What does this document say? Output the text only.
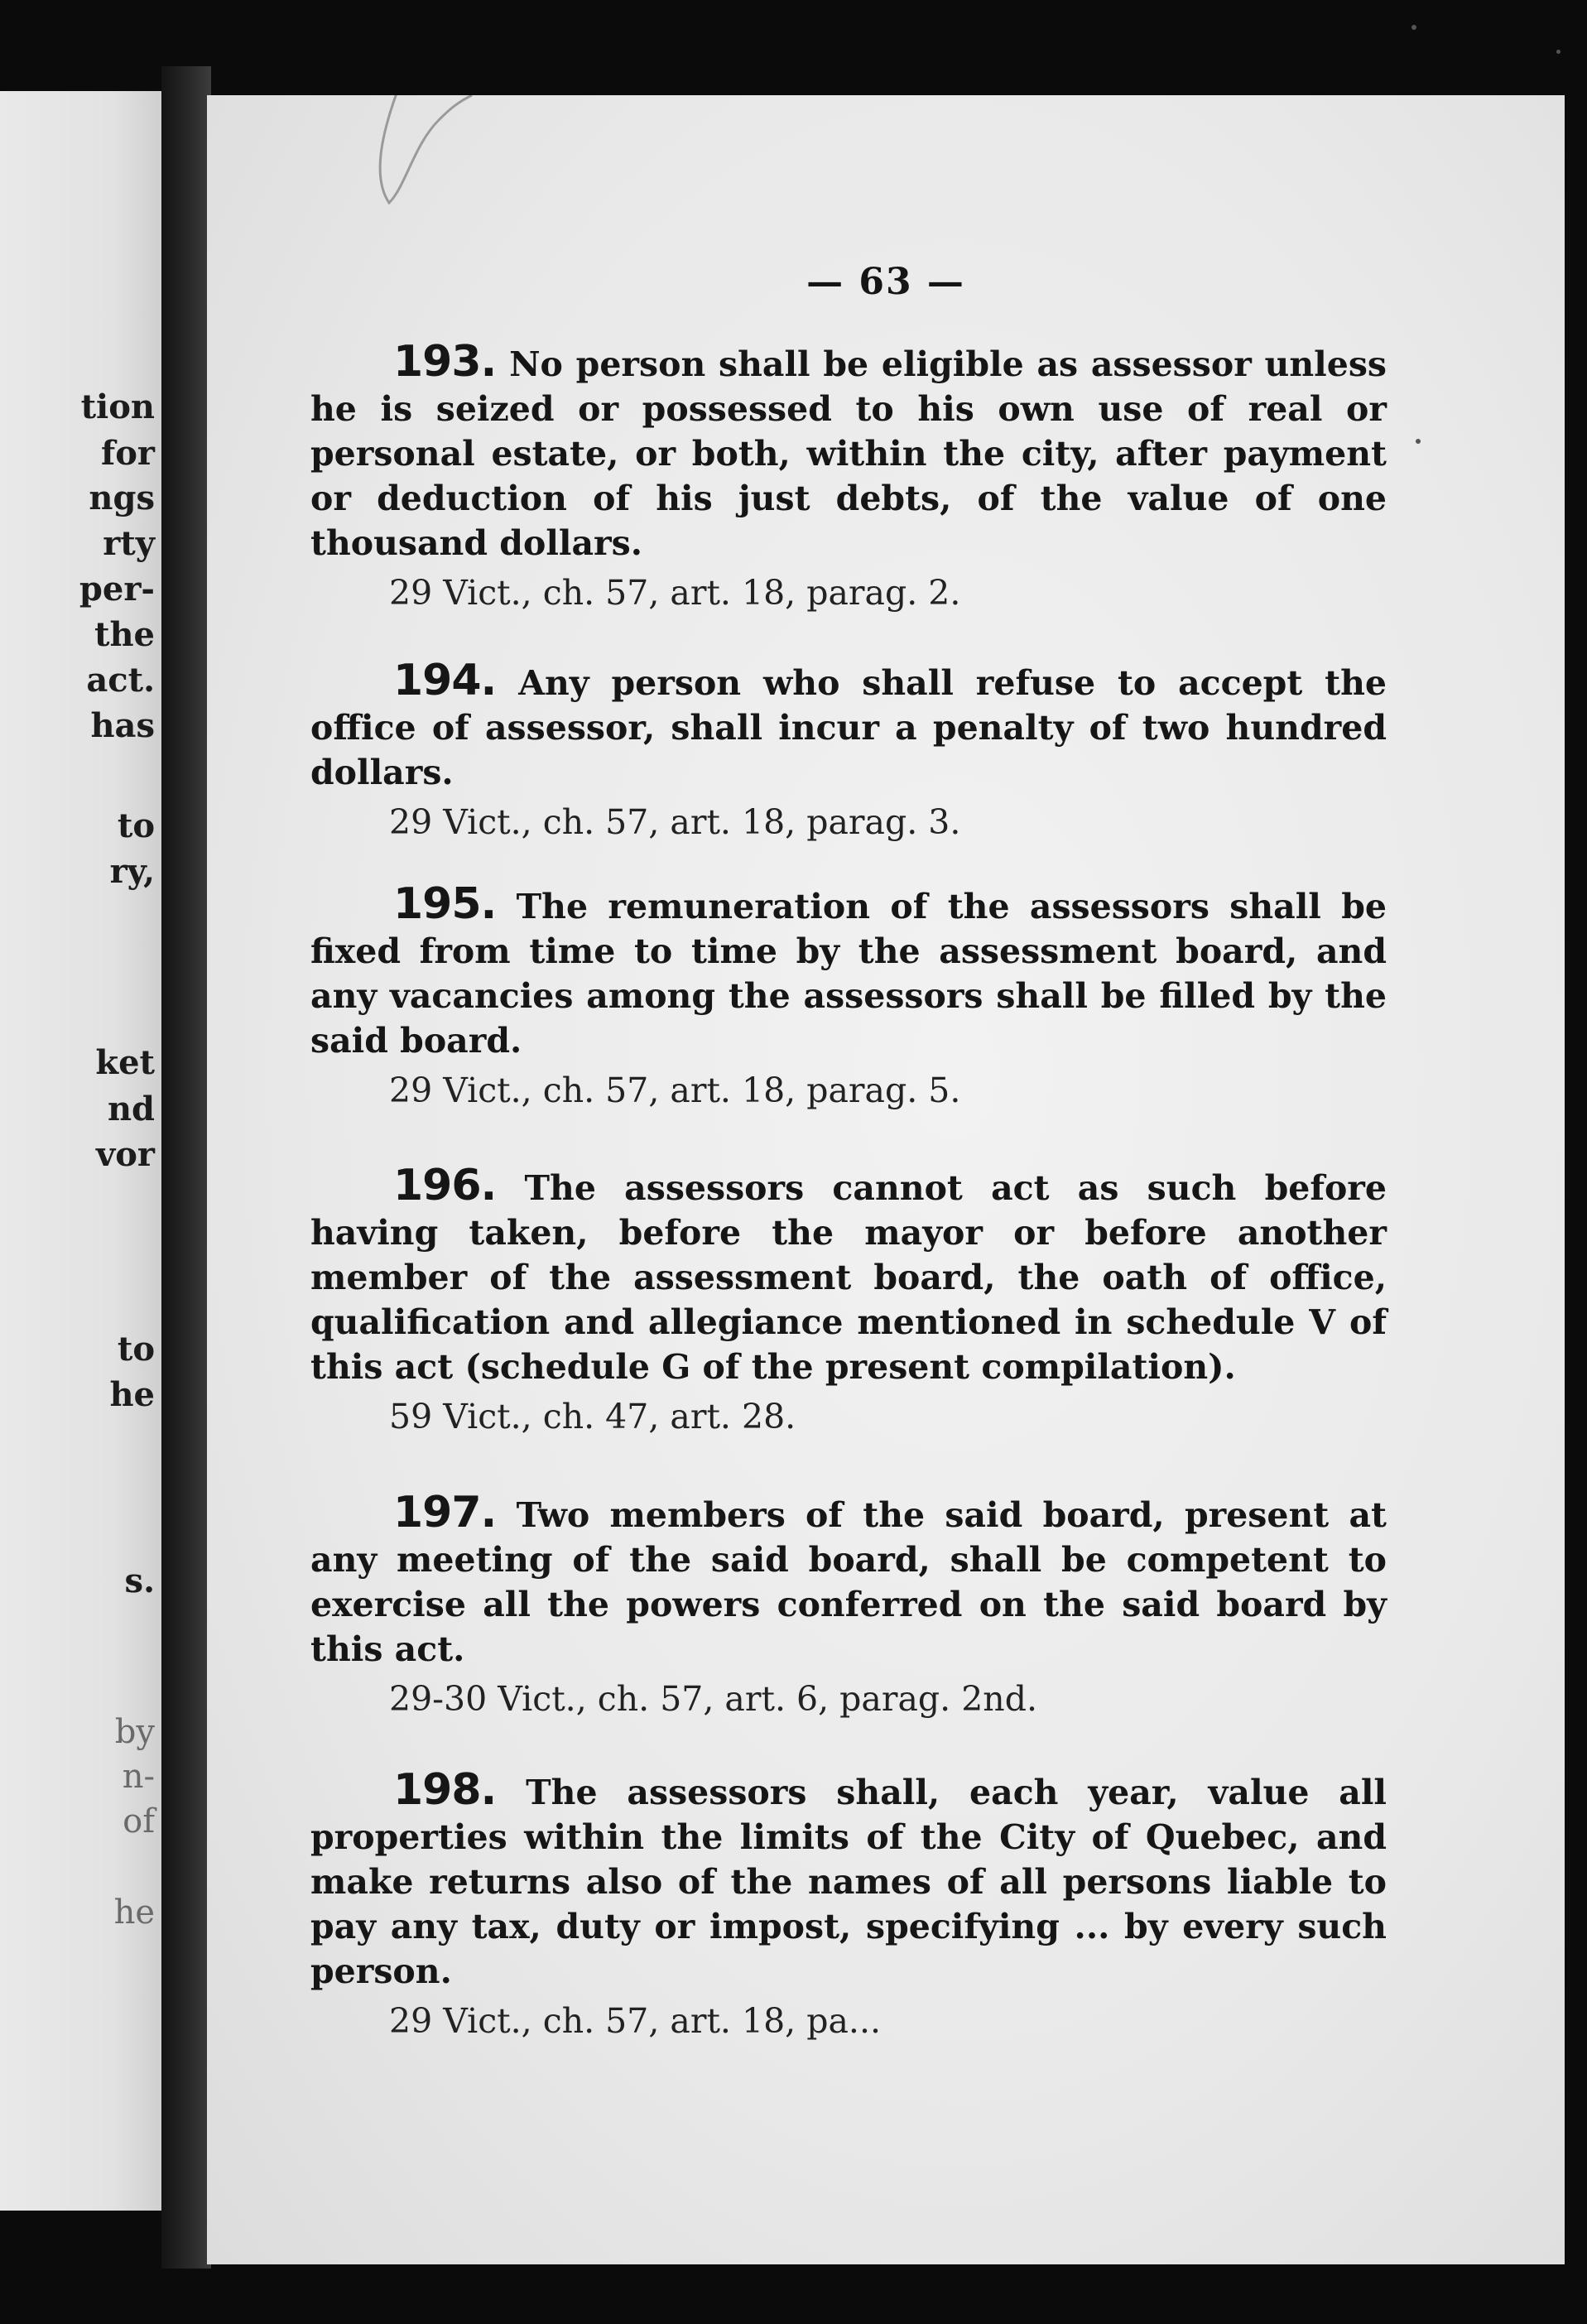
tion
for
ngs
rty
per-
the
act.
has
to
ry,
ket
nd
vor
to
he
s.
by
n-
of
he
— 63 —

193. No person shall be eligible as assessor unless he is seized or possessed to his own use of real or personal estate, or both, within the city, after payment or deduction of his just debts, of the value of one thousand dollars.

29 Vict., ch. 57, art. 18, parag. 2.

194. Any person who shall refuse to accept the office of assessor, shall incur a penalty of two hundred dollars.

29 Vict., ch. 57, art. 18, parag. 3.

195. The remuneration of the assessors shall be fixed from time to time by the assessment board, and any vacancies among the assessors shall be filled by the said board.

29 Vict., ch. 57, art. 18, parag. 5.

196. The assessors cannot act as such before having taken, before the mayor or before another member of the assessment board, the oath of office, qualification and allegiance mentioned in schedule V of this act (schedule G of the present compilation).

59 Vict., ch. 47, art. 28.

197. Two members of the said board, present at any meeting of the said board, shall be competent to exercise all the powers conferred on the said board by this act.

29-30 Vict., ch. 57, art. 6, parag. 2nd.

198. The assessors shall, each year, value all properties within the limits of the City of Quebec, and make returns also of the names of all persons liable to pay any tax, duty or impost, specifying ... by every such person.

29 Vict., ch. 57, art. 18, pa...
